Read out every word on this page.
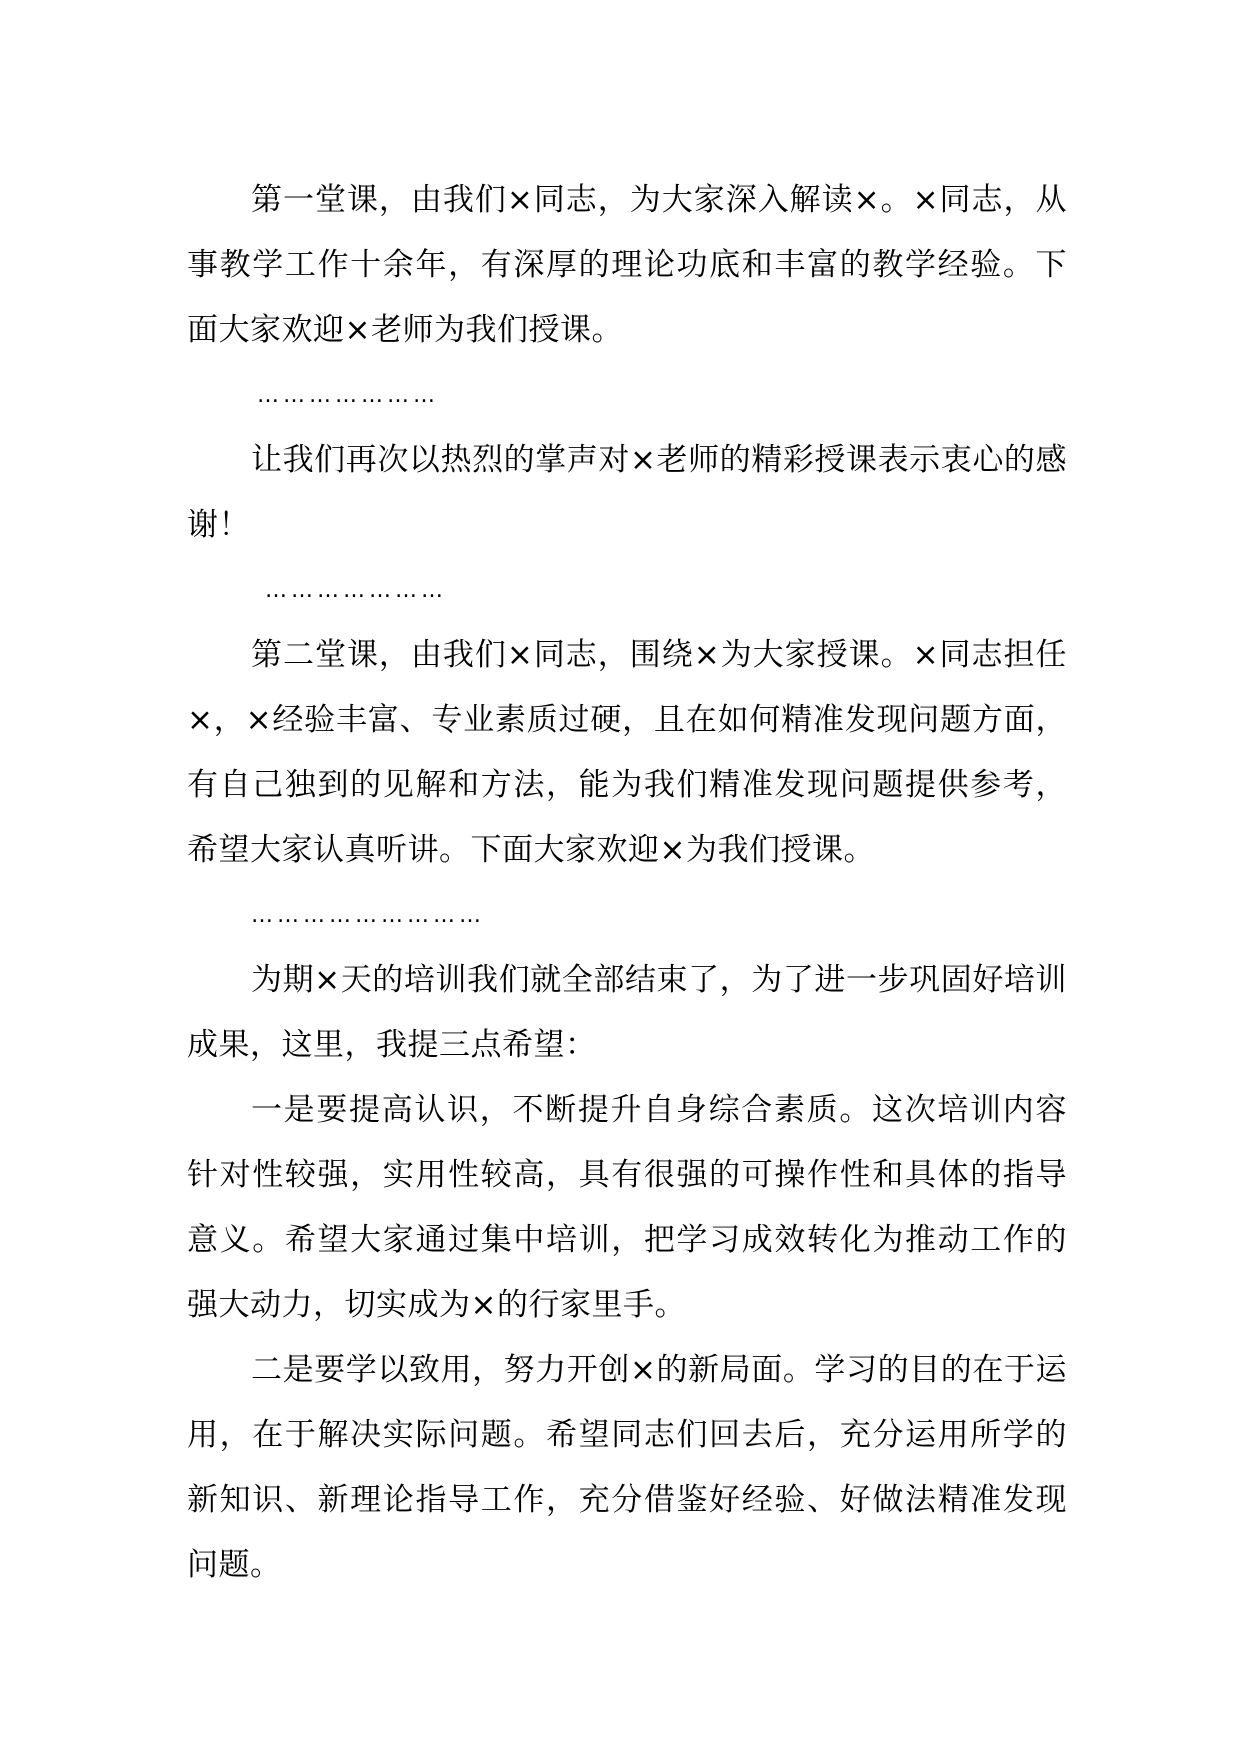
第一堂课，由我们×同志，为大家深入解读×。×同志，从事教学工作十余年，有深厚的理论功底和丰富的教学经验。下面大家欢迎×老师为我们授课。

…………………

让我们再次以热烈的掌声对×老师的精彩授课表示衷心的感谢！

…………………

第二堂课，由我们×同志，围绕×为大家授课。×同志担任×，×经验丰富、专业素质过硬，且在如何精准发现问题方面，有自己独到的见解和方法，能为我们精准发现问题提供参考，希望大家认真听讲。下面大家欢迎×为我们授课。

………………………

为期×天的培训我们就全部结束了，为了进一步巩固好培训成果，这里，我提三点希望：

一是要提高认识，不断提升自身综合素质。这次培训内容针对性较强，实用性较高，具有很强的可操作性和具体的指导意义。希望大家通过集中培训，把学习成效转化为推动工作的强大动力，切实成为×的行家里手。

二是要学以致用，努力开创×的新局面。学习的目的在于运用，在于解决实际问题。希望同志们回去后，充分运用所学的新知识、新理论指导工作，充分借鉴好经验、好做法精准发现问题。
